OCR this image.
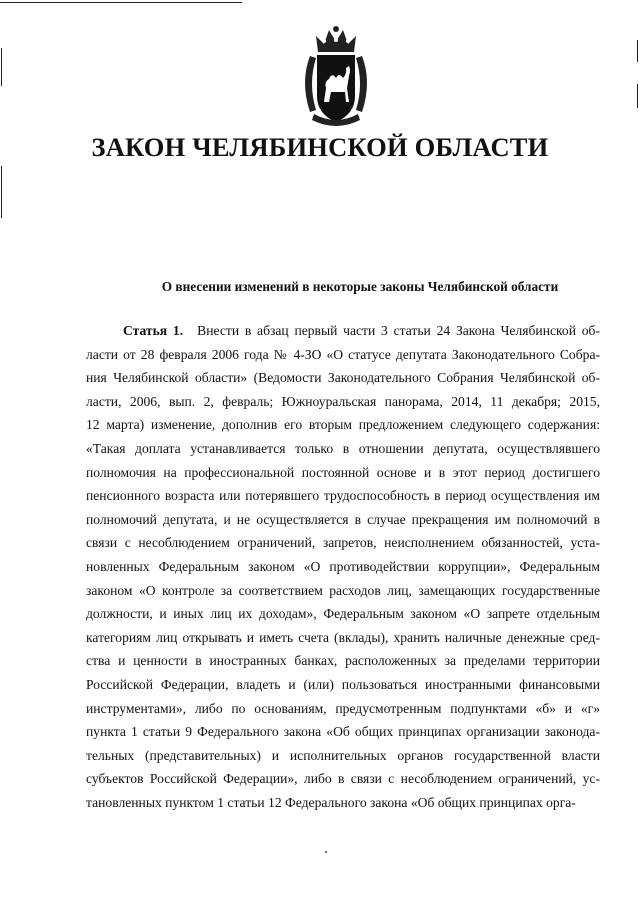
ЗАКОН ЧЕЛЯБИНСКОЙ ОБЛАСТИ
О внесении изменений в некоторые законы Челябинской области
Статья 1. Внести в абзац первый части 3 статьи 24 Закона Челябинской об-
ласти от 28 февраля 2006 года № 4-ЗО «О статусе депутата Законодательного Собра-
ния Челябинской области» (Ведомости Законодательного Собрания Челябинской об-
ласти, 2006, вып. 2, февраль; Южноуральская панорама, 2014, 11 декабря; 2015,
12 марта) изменение, дополнив его вторым предложением следующего содержания:
«Такая доплата устанавливается только в отношении депутата, осуществлявшего
полномочия на профессиональной постоянной основе и в этот период достигшего
пенсионного возраста или потерявшего трудоспособность в период осуществления им
полномочий депутата, и не осуществляется в случае прекращения им полномочий в
связи с несоблюдением ограничений, запретов, неисполнением обязанностей, уста-
новленных Федеральным законом «О противодействии коррупции», Федеральным
законом «О контроле за соответствием расходов лиц, замещающих государственные
должности, и иных лиц их доходам», Федеральным законом «О запрете отдельным
категориям лиц открывать и иметь счета (вклады), хранить наличные денежные сред-
ства и ценности в иностранных банках, расположенных за пределами территории
Российской Федерации, владеть и (или) пользоваться иностранными финансовыми
инструментами», либо по основаниям, предусмотренным подпунктами «б» и «г»
пункта 1 статьи 9 Федерального закона «Об общих принципах организации законода-
тельных (представительных) и исполнительных органов государственной власти
субъектов Российской Федерации», либо в связи с несоблюдением ограничений, ус-
тановленных пунктом 1 статьи 12 Федерального закона «Об общих принципах орга-
